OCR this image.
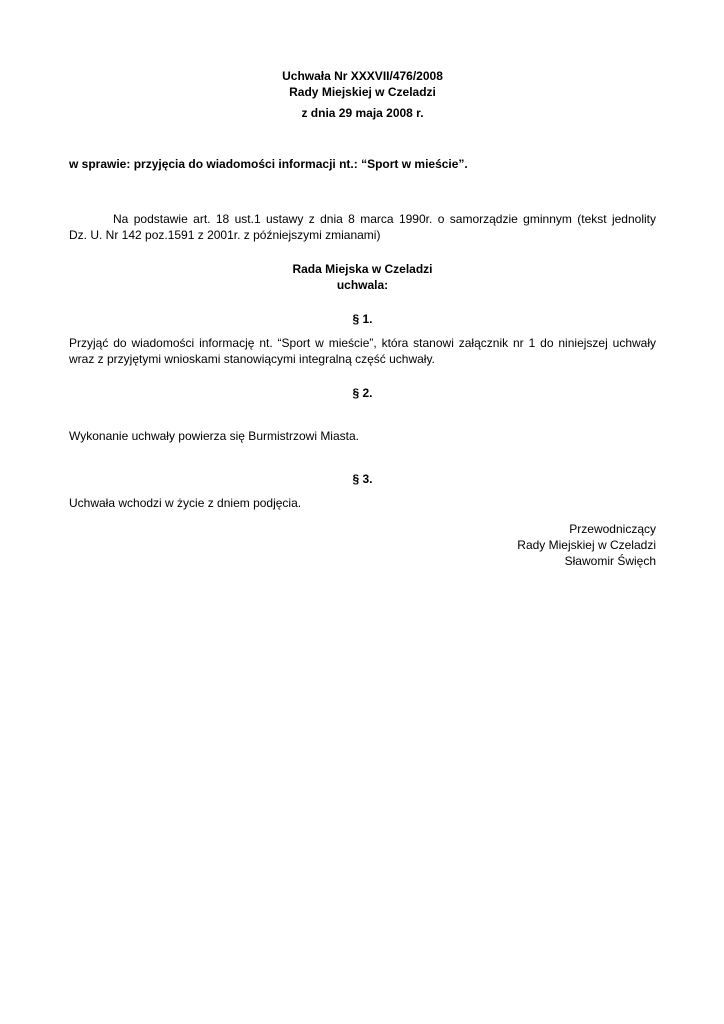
Uchwała Nr XXXVII/476/2008
Rady Miejskiej w Czeladzi
z dnia 29 maja 2008 r.
w sprawie: przyjęcia do wiadomości informacji nt.: “Sport w mieście”.
Na podstawie art. 18 ust.1 ustawy z dnia 8 marca 1990r. o samorządzie gminnym (tekst jednolity
Dz. U. Nr 142 poz.1591 z 2001r. z późniejszymi zmianami)
Rada Miejska w Czeladzi
uchwala:
§ 1.
Przyjąć do wiadomości informację nt. “Sport w mieście”, która stanowi załącznik nr 1 do niniejszej uchwały
wraz z przyjętymi wnioskami stanowiącymi integralną część uchwały.
§ 2.
Wykonanie uchwały powierza się Burmistrzowi Miasta.
§ 3.
Uchwała wchodzi w życie z dniem podjęcia.
Przewodniczący
Rady Miejskiej w Czeladzi
Sławomir Święch
